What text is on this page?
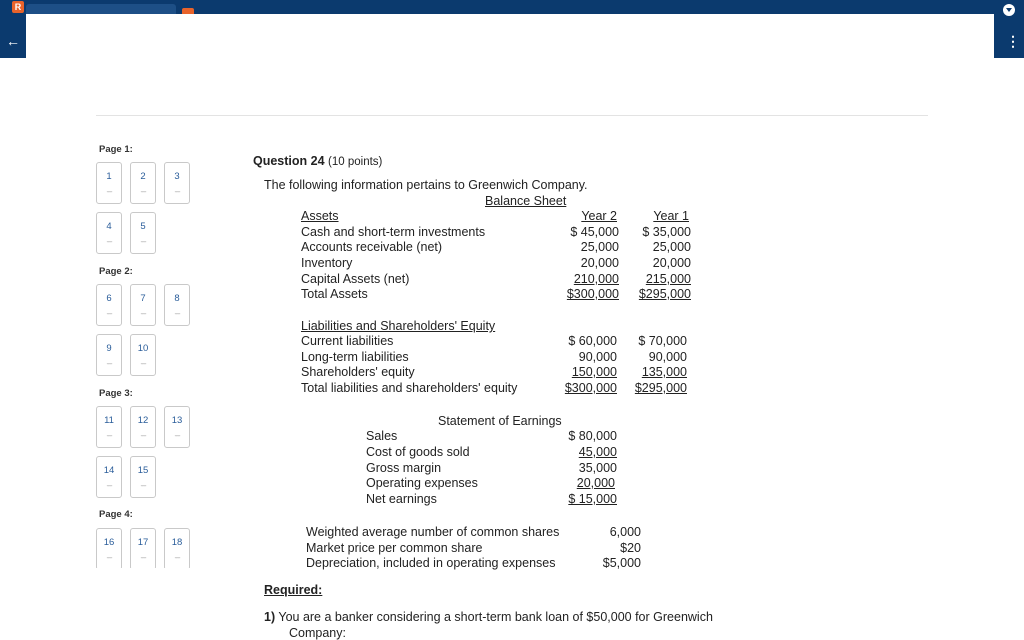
R
←	⋮
Page 1:
1
---
2
---
3
---
4
---
5
---
Page 2:
6
---
7
---
8
---
9
---
10
---
Page 3:
11
---
12
---
13
---
14
---
15
---
Page 4:
16
---
17
---
18
---
Question 24 (10 points)
The following information pertains to Greenwich Company.
Balance Sheet
Assets	Year 2	Year 1
Cash and short-term investments	$ 45,000	$ 35,000
Accounts receivable (net)	25,000	25,000
Inventory	20,000	20,000
Capital Assets (net)	210,000	215,000
Total Assets	$300,000	$295,000
Liabilities and Shareholders' Equity
Current liabilities	$ 60,000	$ 70,000
Long-term liabilities	90,000	90,000
Shareholders' equity	150,000	135,000
Total liabilities and shareholders' equity	$300,000	$295,000
Statement of Earnings
Sales	$ 80,000
Cost of goods sold	45,000
Gross margin	35,000
Operating expenses	20,000
Net earnings	$ 15,000
Weighted average number of common shares	6,000
Market price per common share	$20
Depreciation, included in operating expenses	$5,000
Required:
1) You are a banker considering a short-term bank loan of $50,000 for Greenwich
Company:
